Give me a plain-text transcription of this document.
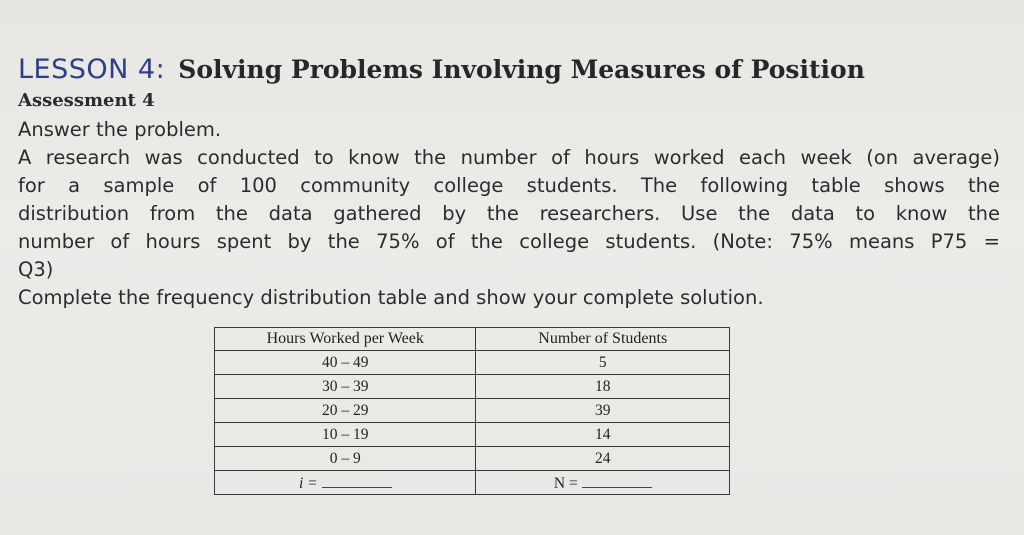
LESSON 4: Solving Problems Involving Measures of Position
Assessment 4
Answer the problem.
A research was conducted to know the number of hours worked each week (on average)
for a sample of 100 community college students. The following table shows the
distribution from the data gathered by the researchers. Use the data to know the
number of hours spent by the 75% of the college students. (Note: 75% means P75 =
Q3)
Complete the frequency distribution table and show your complete solution.
Hours Worked per Week	Number of Students
40 – 49	5
30 – 39	18
20 – 29	39
10 – 19	14
0 – 9	24
i =	N =
